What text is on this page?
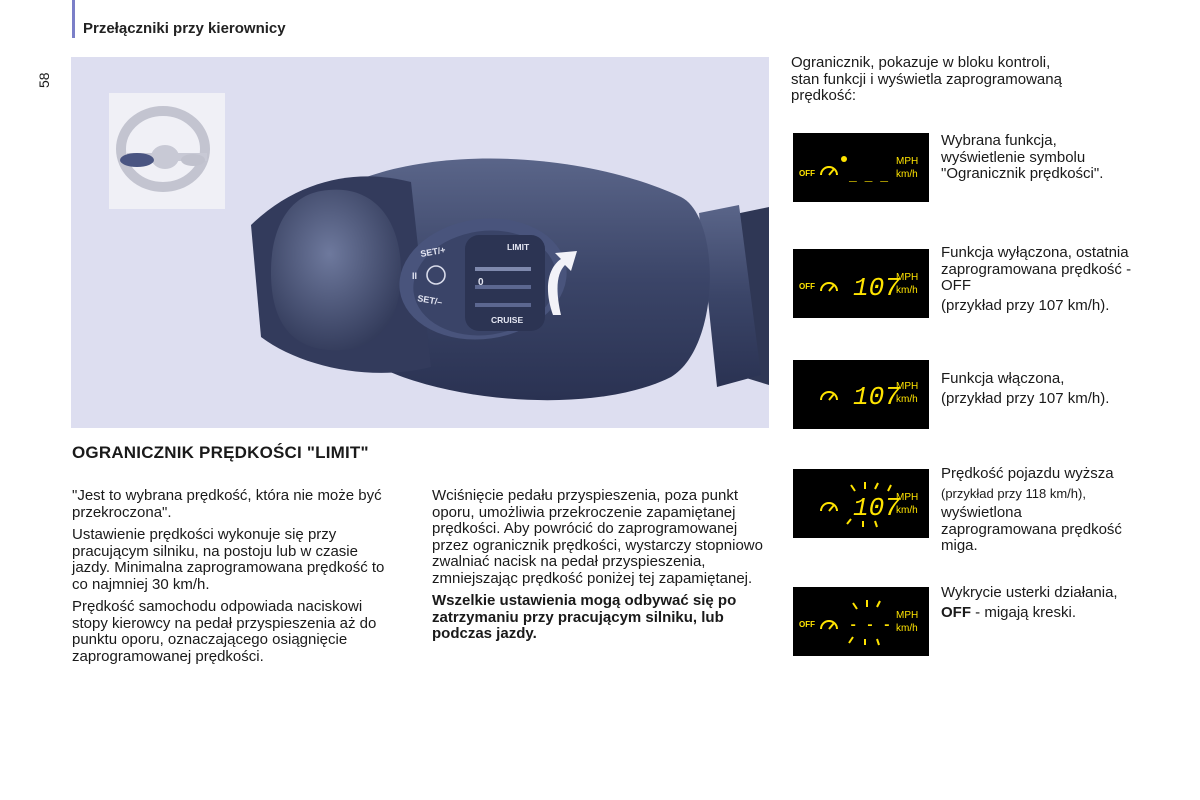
Przełączniki przy kierownicy
58
SET/+
II
SET/–
0
LIMIT
CRUISE
OGRANICZNIK PRĘDKOŚCI "LIMIT"

"Jest to wybrana prędkość, która nie może być przekroczona".

Ustawienie prędkości wykonuje się przy pracującym silniku, na postoju lub w czasie jazdy. Minimalna zaprogramowana prędkość to co najmniej 30 km/h.

Prędkość samochodu odpowiada naciskowi stopy kierowcy na pedał przyspieszenia aż do punktu oporu, oznaczającego osiągnięcie zaprogramowanej prędkości.

Wciśnięcie pedału przyspieszenia, poza punkt oporu, umożliwia przekroczenie zapamiętanej prędkości. Aby powrócić do zaprogramowanej przez ogranicznik prędkości, wystarczy stopniowo zwalniać nacisk na pedał przyspieszenia, zmniejszając prędkość poniżej tej zapamiętanej.

Wszelkie ustawienia mogą odbywać się po zatrzymaniu przy pracującym silniku, lub podczas jazdy.

Ogranicznik, pokazuje w bloku kontroli, stan funkcji i wyświetla zaprogramowaną prędkość:
OFF	_ _ _
MPH
km/h

Wybrana funkcja, wyświetlenie symbolu "Ogranicznik prędkości".

OFF 107
MPH
km/h

Funkcja wyłączona, ostatnia zaprogramowana prędkość - OFF

(przykład przy 107 km/h).

107
MPH
km/h

Funkcja włączona,

(przykład przy 107 km/h).

107
MPH
km/h

Prędkość pojazdu wyższa

(przykład przy 118 km/h),

wyświetlona zaprogramowana prędkość miga.

OFF - - -
MPH
km/h

Wykrycie usterki działania,

OFF - migają kreski.
